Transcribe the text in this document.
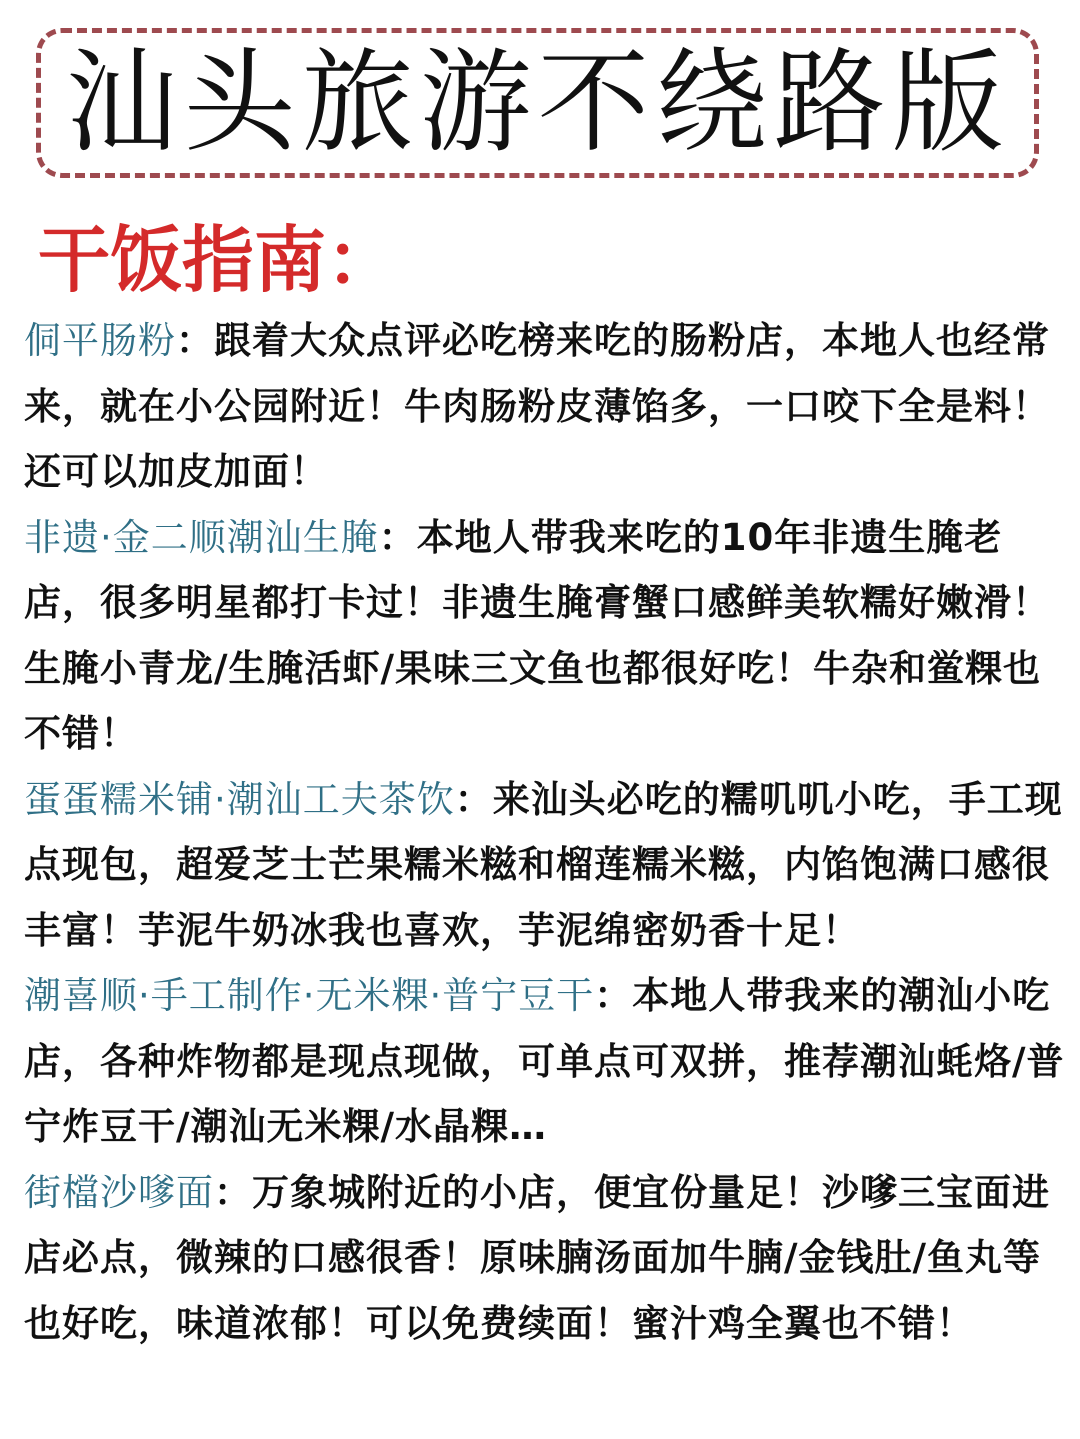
汕头旅游不绕路版
干饭指南：

侗平肠粉：跟着大众点评必吃榜来吃的肠粉店，本地人也经常来，就在小公园附近！牛肉肠粉皮薄馅多，一口咬下全是料！还可以加皮加面！

非遗·金二顺潮汕生腌：本地人带我来吃的10年非遗生腌老店，很多明星都打卡过！非遗生腌膏蟹口感鲜美软糯好嫩滑！生腌小青龙/生腌活虾/果味三文鱼也都很好吃！牛杂和鲎粿也不错！

蛋蛋糯米铺·潮汕工夫茶饮：来汕头必吃的糯叽叽小吃，手工现点现包，超爱芝士芒果糯米糍和榴莲糯米糍，内馅饱满口感很丰富！芋泥牛奶冰我也喜欢，芋泥绵密奶香十足！

潮喜顺·手工制作·无米粿·普宁豆干：本地人带我来的潮汕小吃店，各种炸物都是现点现做，可单点可双拼，推荐潮汕蚝烙/普宁炸豆干/潮汕无米粿/水晶粿…

街檔沙嗲面：万象城附近的小店，便宜份量足！沙嗲三宝面进店必点，微辣的口感很香！原味腩汤面加牛腩/金钱肚/鱼丸等也好吃，味道浓郁！可以免费续面！蜜汁鸡全翼也不错！
